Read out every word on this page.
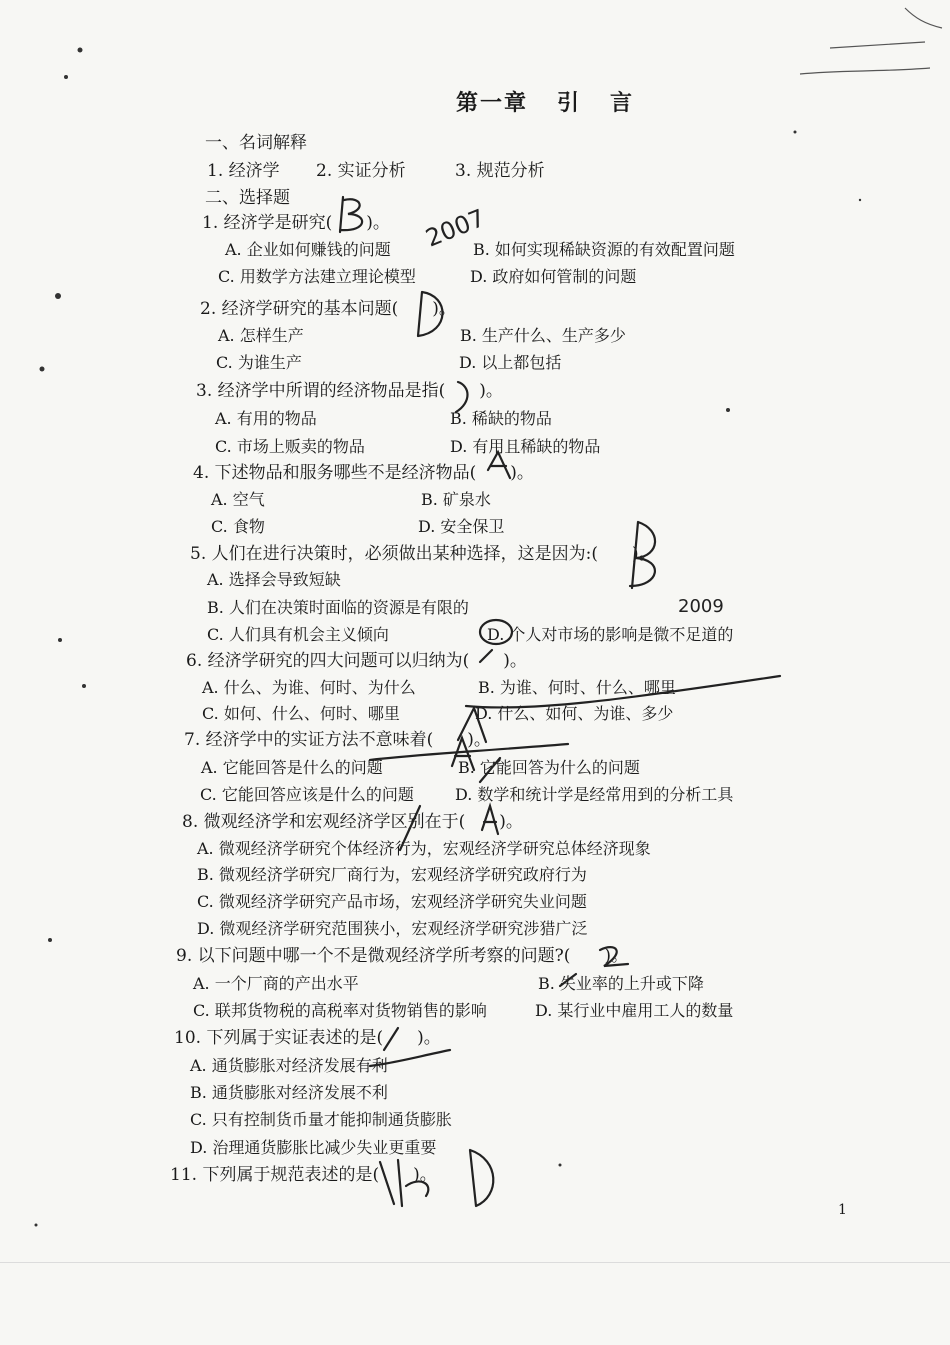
第一章   引   言
一、名词解释
1. 经济学 2. 实证分析	3. 规范分析
二、选择题
1. 经济学是研究( )。
A. 企业如何赚钱的问题	B. 如何实现稀缺资源的有效配置问题
C. 用数学方法建立理论模型	D. 政府如何管制的问题
2. 经济学研究的基本问题( )。
A. 怎样生产	B. 生产什么、生产多少
C. 为谁生产	D. 以上都包括
3. 经济学中所谓的经济物品是指( )。
A. 有用的物品	B. 稀缺的物品
C. 市场上贩卖的物品	D. 有用且稀缺的物品
4. 下述物品和服务哪些不是经济物品( )。
A. 空气	B. 矿泉水
C. 食物	D. 安全保卫
5. 人们在进行决策时，必须做出某种选择，这是因为:( )。
A. 选择会导致短缺
B. 人们在决策时面临的资源是有限的
C. 人们具有机会主义倾向	D. 个人对市场的影响是微不足道的
6. 经济学研究的四大问题可以归纳为( )。
A. 什么、为谁、何时、为什么	B. 为谁、何时、什么、哪里
C. 如何、什么、何时、哪里	D. 什么、如何、为谁、多少
7. 经济学中的实证方法不意味着( )。
A. 它能回答是什么的问题	B. 它能回答为什么的问题
C. 它能回答应该是什么的问题	D. 数学和统计学是经常用到的分析工具
8. 微观经济学和宏观经济学区别在于( )。
A. 微观经济学研究个体经济行为，宏观经济学研究总体经济现象
B. 微观经济学研究厂商行为，宏观经济学研究政府行为
C. 微观经济学研究产品市场，宏观经济学研究失业问题
D. 微观经济学研究范围狭小，宏观经济学研究涉猎广泛
9. 以下问题中哪一个不是微观经济学所考察的问题?( )。
A. 一个厂商的产出水平	B. 失业率的上升或下降
C. 联邦货物税的高税率对货物销售的影响	D. 某行业中雇用工人的数量
10. 下列属于实证表述的是( )。
A. 通货膨胀对经济发展有利
B. 通货膨胀对经济发展不利
C. 只有控制货币量才能抑制通货膨胀
D. 治理通货膨胀比减少失业更重要
11. 下列属于规范表述的是( )。
1
2007
2009
